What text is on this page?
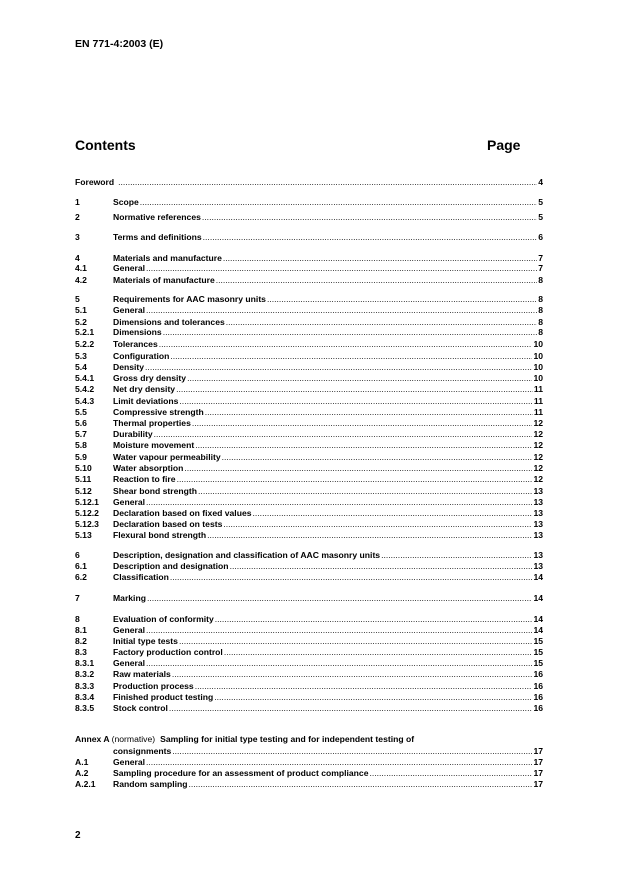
EN 771-4:2003 (E)
Contents	Page
Foreword .....	4
1	Scope .....	5
2	Normative references .....	5
3	Terms and definitions .....	6
4	Materials and manufacture .....	7
4.1	General .....	7
4.2	Materials of manufacture .....	8
5	Requirements for AAC masonry units .....	8
5.1	General .....	8
5.2	Dimensions and tolerances .....	8
5.2.1	Dimensions .....	8
5.2.2	Tolerances .....	10
5.3	Configuration .....	10
5.4	Density .....	10
5.4.1	Gross dry density .....	10
5.4.2	Net dry density .....	11
5.4.3	Limit deviations .....	11
5.5	Compressive strength .....	11
5.6	Thermal properties .....	12
5.7	Durability .....	12
5.8	Moisture movement .....	12
5.9	Water vapour permeability .....	12
5.10	Water absorption .....	12
5.11	Reaction to fire .....	12
5.12	Shear bond strength .....	13
5.12.1	General .....	13
5.12.2	Declaration based on fixed values .....	13
5.12.3	Declaration based on tests .....	13
5.13	Flexural bond strength .....	13
6	Description, designation and classification of AAC masonry units .....	13
6.1	Description and designation .....	13
6.2	Classification .....	14
7	Marking .....	14
8	Evaluation of conformity .....	14
8.1	General .....	14
8.2	Initial type tests .....	15
8.3	Factory production control .....	15
8.3.1	General .....	15
8.3.2	Raw materials .....	16
8.3.3	Production process .....	16
8.3.4	Finished product testing .....	16
8.3.5	Stock control .....	16
Annex A (normative) Sampling for initial type testing and for independent testing of
consignments .....	17
A.1	General .....	17
A.2	Sampling procedure for an assessment of product compliance .....	17
A.2.1	Random sampling .....	17
2
